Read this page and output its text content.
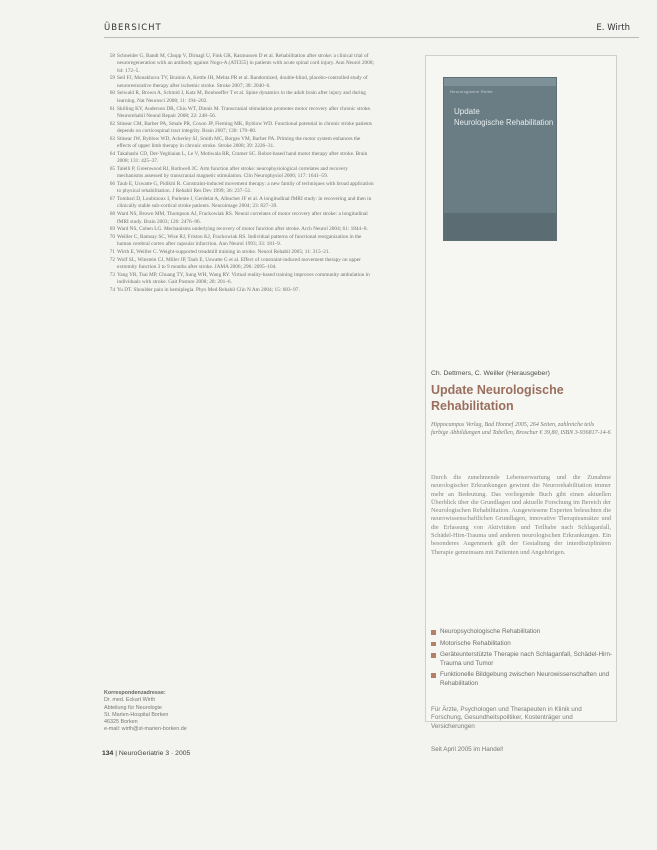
ÜBERSICHT	E. Wirth
58 Schneider G, Bandt M, Chopp V, Dirnagl U, Fink GR, Rasmussen D et al. Rehabilitation after stroke: a clinical trial of neuroregeneration with an antibody against Nogo-A (ATI355) in patients with acute spinal cord injury. Ann Neurol 2008; 64: 172–5.
59 Seil FJ, Monakhova TV, Brainin A, Kettle JH, Mehta PR et al. Randomized, double-blind, placebo-controlled study of neurorestorative therapy after ischemic stroke. Stroke 2007; 38: 2040–6.
60 Seiwald R, Brown A, Schmid J, Katz M, Bonhoeffer T et al. Spine dynamics in the adult brain after injury and during learning. Nat Neurosci 2008; 11: 194–202.
61 Skilling KY, Anderson DR, Chiu WT, Dinnis M. Transcranial stimulation promotes motor recovery after chronic stroke. Neurorehabil Neural Repair 2008; 22: 248–56.
62 Stinear CM, Barber PA, Smale PR, Coxon JP, Fleming MK, Byblow WD. Functional potential in chronic stroke patients depends on corticospinal tract integrity. Brain 2007; 130: 170–80.
63 Stinear JW, Byblow WD, Ackerley SJ, Smith MC, Borges VM, Barber PA. Priming the motor system enhances the effects of upper limb therapy in chronic stroke. Stroke 2008; 39: 2226–31.
64 Takahashi CD, Der-Yeghiaian L, Le V, Motiwala RR, Cramer SC. Robot-based hand motor therapy after stroke. Brain 2008; 131: 425–37.
65 Talelli P, Greenwood RJ, Rothwell JC. Arm function after stroke: neurophysiological correlates and recovery mechanisms assessed by transcranial magnetic stimulation. Clin Neurophysiol 2006; 117: 1641–59.
66 Taub E, Uswatte G, Pidikiti R. Constraint-induced movement therapy: a new family of techniques with broad application to physical rehabilitation. J Rehabil Res Dev 1999; 36: 237–51.
67 Tombari D, Loubinoux I, Pariente J, Gerdelat A, Albucher JF et al. A longitudinal fMRI study: in recovering and then in clinically stable sub-cortical stroke patients. Neuroimage 2004; 23: 827–39.
68 Ward NS, Brown MM, Thompson AJ, Frackowiak RS. Neural correlates of motor recovery after stroke: a longitudinal fMRI study. Brain 2003; 126: 2476–96.
69 Ward NS, Cohen LG. Mechanisms underlying recovery of motor function after stroke. Arch Neurol 2004; 61: 1844–8.
70 Weiller C, Ramsay SC, Wise RJ, Friston KJ, Frackowiak RS. Individual patterns of functional reorganization in the human cerebral cortex after capsular infarction. Ann Neurol 1993; 33: 181–9.
71 Wirth E, Weiller C. Weight-supported treadmill training in stroke. Neurol Rehabil 2005; 11: 315–21.
72 Wolf SL, Winstein CJ, Miller JP, Taub E, Uswatte G et al. Effect of constraint-induced movement therapy on upper extremity function 3 to 9 months after stroke. JAMA 2006; 296: 2095–104.
73 Yang YR, Tsai MP, Chuang TY, Sung WH, Wang RY. Virtual reality-based training improves community ambulation in individuals with stroke. Gait Posture 2008; 28: 201–6.
74 Yu DT. Shoulder pain in hemiplegia. Phys Med Rehabil Clin N Am 2004; 15: 683–97.
Korrespondenzadresse:
Dr. med. Eckart Wirth
Abteilung für Neurologie
St. Marien-Hospital Borken
46325 Borken
e-mail: wirth@st-marien-borken.de
134 | NeuroGeriatrie 3 · 2005
Ch. Dettmers, C. Weiller (Herausgeber)
Update Neurologische Rehabilitation
Hippocampus Verlag, Bad Honnef 2005, 264 Seiten, zahlreiche teils farbige Abbildungen und Tabellen, Broschur € 39,80, ISBN 3-936817-14-6
Durch die zunehmende Lebenserwartung und die Zunahme neurologischer Erkrankungen gewinnt die Neurorehabilitation immer mehr an Bedeutung. Das vorliegende Buch gibt einen aktuellen Überblick über die Grundlagen und aktuelle Forschung im Bereich der Neurologischen Rehabilitation. Ausgewiesene Experten beleuchten die neurowissenschaftlichen Grundlagen, innovative Therapieansätze und die Erfassung von Aktivitäten und Teilhabe nach Schlaganfall, Schädel-Hirn-Trauma und anderen neurologischen Erkrankungen. Ein besonderes Augenmerk gilt der Gestaltung der interdisziplinären Therapie gemeinsam mit Patienten und Angehörigen.
Neuropsychologische Rehabilitation
Motorische Rehabilitation
Geräteunterstützte Therapie nach Schlaganfall, Schädel-Hirn-Trauma und Tumor
Funktionelle Bildgebung zwischen Neurowissenschaften und Rehabilitation
Für Ärzte, Psychologen und Therapeuten in Klinik und Forschung, Gesundheitspolitiker, Kostenträger und Versicherungen
Seit April 2005 im Handel!
Neurologische Reihe
Update
Neurologische Rehabilitation
